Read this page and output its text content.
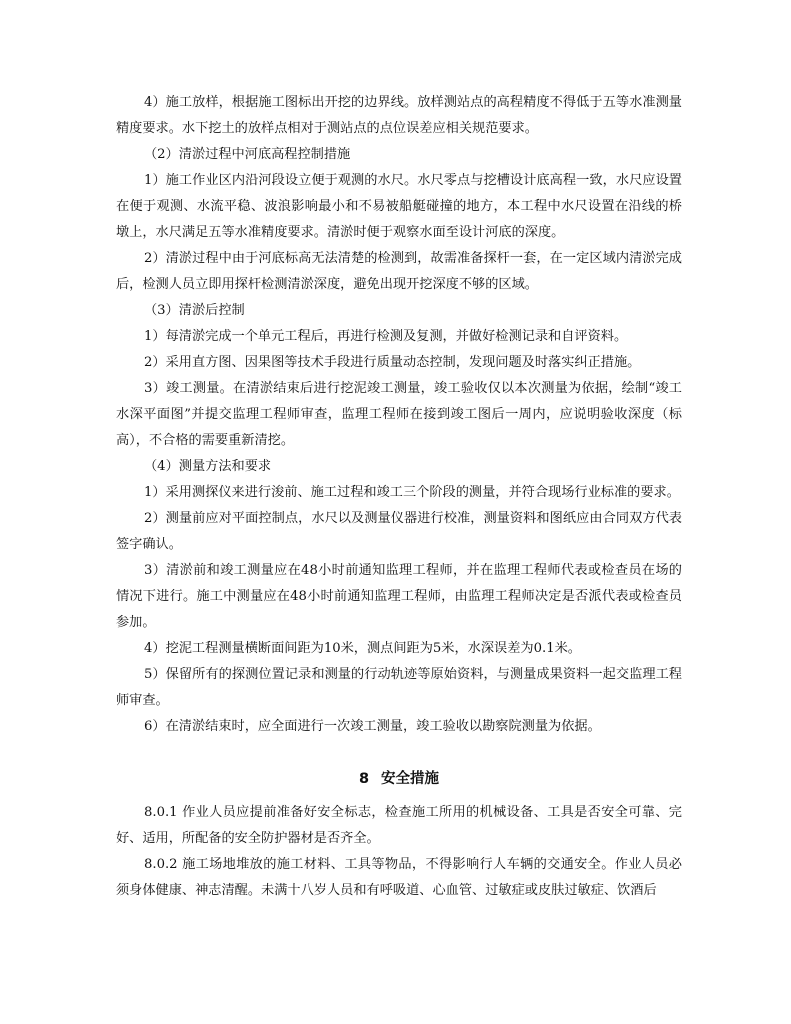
4）施工放样，根据施工图标出开挖的边界线。放样测站点的高程精度不得低于五等水准测量精度要求。水下挖土的放样点相对于测站点的点位误差应相关规范要求。

（2）清淤过程中河底高程控制措施

1）施工作业区内沿河段设立便于观测的水尺。水尺零点与挖槽设计底高程一致，水尺应设置在便于观测、水流平稳、波浪影响最小和不易被船艇碰撞的地方，本工程中水尺设置在沿线的桥墩上，水尺满足五等水准精度要求。清淤时便于观察水面至设计河底的深度。

2）清淤过程中由于河底标高无法清楚的检测到，故需准备探杆一套，在一定区域内清淤完成后，检测人员立即用探杆检测清淤深度，避免出现开挖深度不够的区域。

（3）清淤后控制

1）每清淤完成一个单元工程后，再进行检测及复测，并做好检测记录和自评资料。

2）采用直方图、因果图等技术手段进行质量动态控制，发现问题及时落实纠正措施。

3）竣工测量。在清淤结束后进行挖泥竣工测量，竣工验收仅以本次测量为依据，绘制“竣工水深平面图”并提交监理工程师审查，监理工程师在接到竣工图后一周内，应说明验收深度（标高），不合格的需要重新清挖。

（4）测量方法和要求

1）采用测探仪来进行浚前、施工过程和竣工三个阶段的测量，并符合现场行业标准的要求。

2）测量前应对平面控制点，水尺以及测量仪器进行校准，测量资料和图纸应由合同双方代表签字确认。

3）清淤前和竣工测量应在48小时前通知监理工程师，并在监理工程师代表或检查员在场的情况下进行。施工中测量应在48小时前通知监理工程师，由监理工程师决定是否派代表或检查员参加。

4）挖泥工程测量横断面间距为10米，测点间距为5米，水深误差为0.1米。

5）保留所有的探测位置记录和测量的行动轨迹等原始资料，与测量成果资料一起交监理工程师审查。

6）在清淤结束时，应全面进行一次竣工测量，竣工验收以勘察院测量为依据。

8 安全措施

8.0.1 作业人员应提前准备好安全标志，检查施工所用的机械设备、工具是否安全可靠、完好、适用，所配备的安全防护器材是否齐全。

8.0.2 施工场地堆放的施工材料、工具等物品，不得影响行人车辆的交通安全。作业人员必须身体健康、神志清醒。未满十八岁人员和有呼吸道、心血管、过敏症或皮肤过敏症、饮酒后
